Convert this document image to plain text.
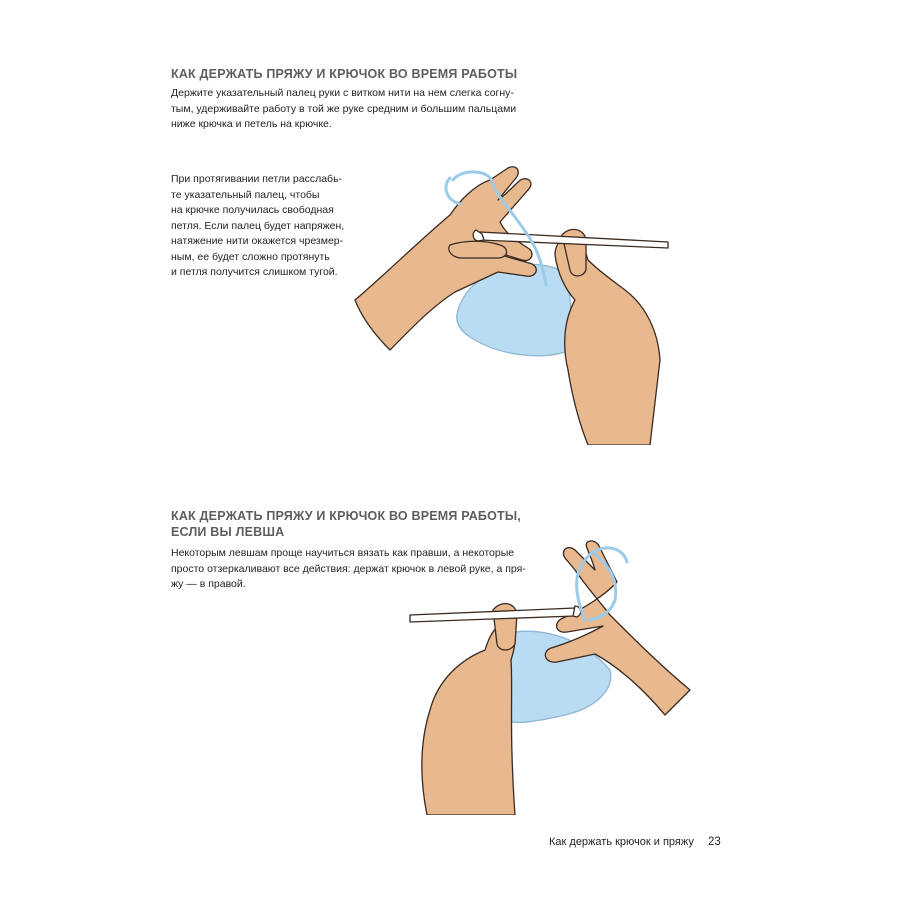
КАК ДЕРЖАТЬ ПРЯЖУ И КРЮЧОК ВО ВРЕМЯ РАБОТЫ

Держите указательный палец руки с витком нити на нем слегка согну-
тым, удерживайте работу в той же руке средним и большим пальцами
ниже крючка и петель на крючке.

При протягивании петли расслабь-
те указательный палец, чтобы
на крючке получилась свободная
петля. Если палец будет напряжен,
натяжение нити окажется чрезмер-
ным, ее будет сложно протянуть
и петля получится слишком тугой.

КАК ДЕРЖАТЬ ПРЯЖУ И КРЮЧОК ВО ВРЕМЯ РАБОТЫ,
ЕСЛИ ВЫ ЛЕВША

Некоторым левшам проще научиться вязать как правши, а некоторые
просто отзеркаливают все действия: держат крючок в левой руке, а пря-
жу — в правой.

Как держать крючок и пряжу 23
